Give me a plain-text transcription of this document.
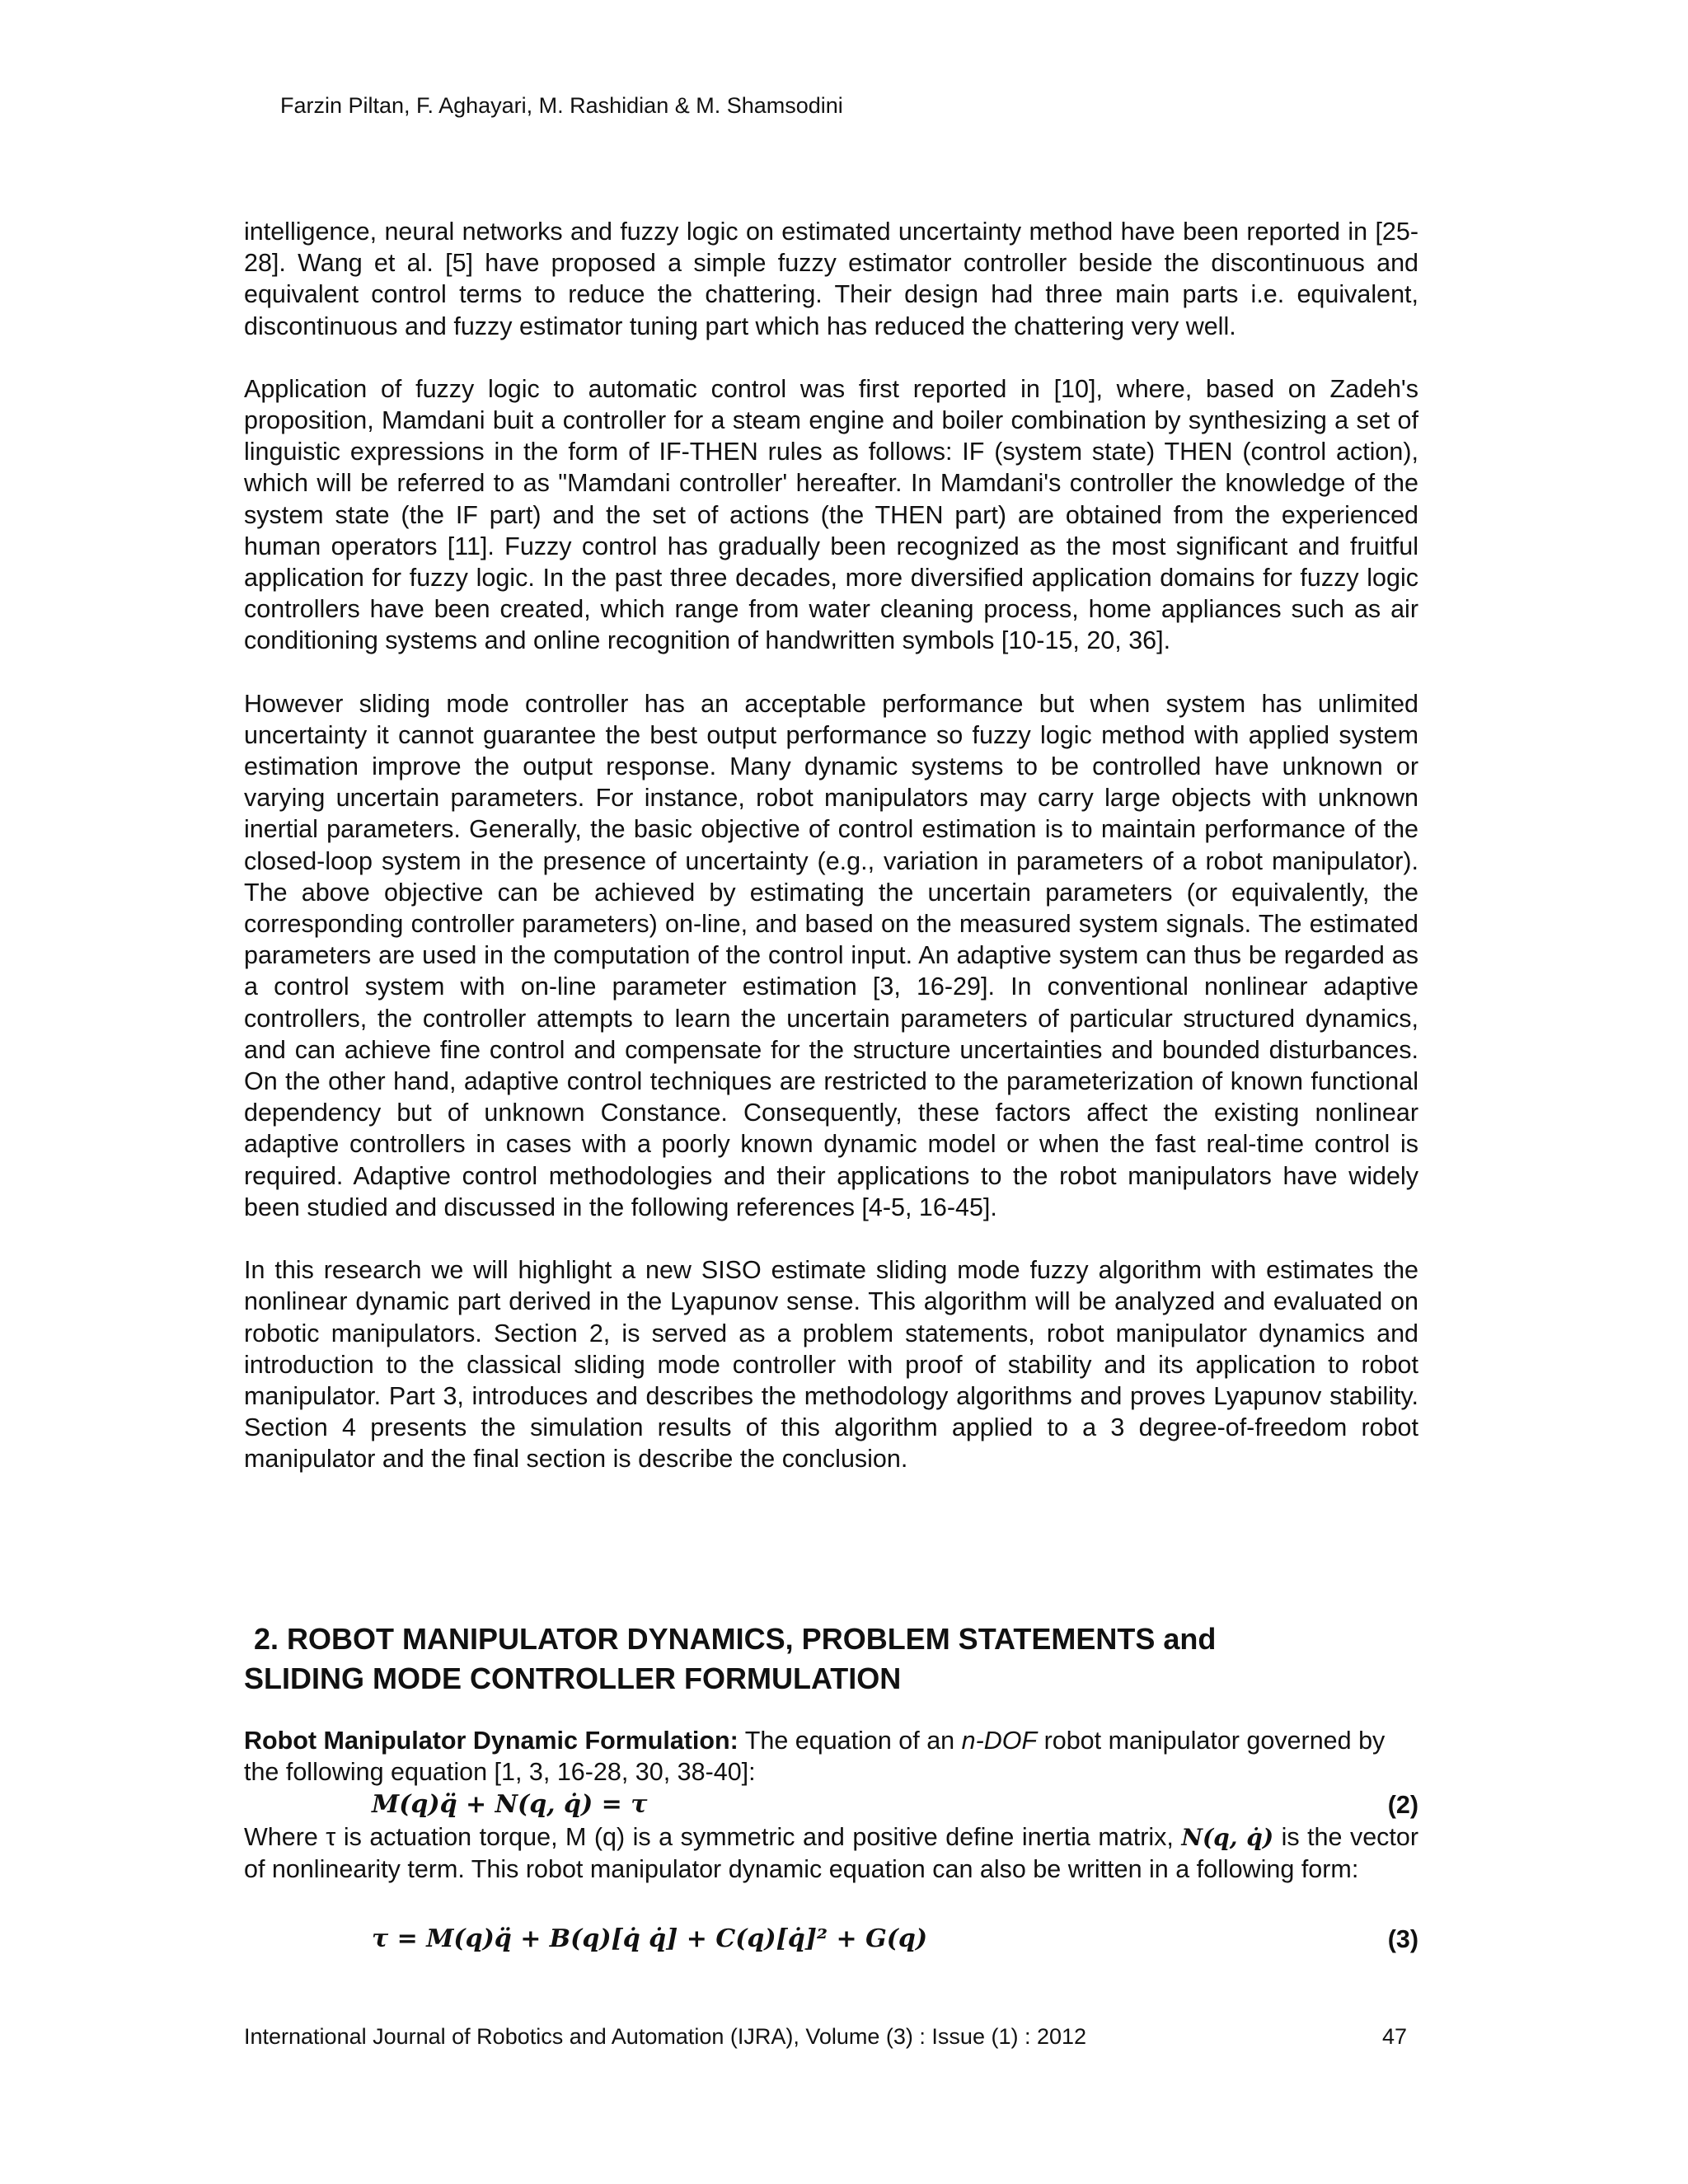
Farzin Piltan, F. Aghayari, M. Rashidian & M. Shamsodini

intelligence, neural networks and fuzzy logic on estimated uncertainty method have been reported in [25-28]. Wang et al. [5] have proposed a simple fuzzy estimator controller beside the discontinuous and equivalent control terms to reduce the chattering. Their design had three main parts i.e. equivalent, discontinuous and fuzzy estimator tuning part which has reduced the chattering very well.

Application of fuzzy logic to automatic control was first reported in [10], where, based on Zadeh's proposition, Mamdani buit a controller for a steam engine and boiler combination by synthesizing a set of linguistic expressions in the form of IF-THEN rules as follows: IF (system state) THEN (control action), which will be referred to as "Mamdani controller' hereafter. In Mamdani's controller the knowledge of the system state (the IF part) and the set of actions (the THEN part) are obtained from the experienced human operators [11]. Fuzzy control has gradually been recognized as the most significant and fruitful application for fuzzy logic. In the past three decades, more diversified application domains for fuzzy logic controllers have been created, which range from water cleaning process, home appliances such as air conditioning systems and online recognition of handwritten symbols [10-15, 20, 36].

However sliding mode controller has an acceptable performance but when system has unlimited uncertainty it cannot guarantee the best output performance so fuzzy logic method with applied system estimation improve the output response. Many dynamic systems to be controlled have unknown or varying uncertain parameters. For instance, robot manipulators may carry large objects with unknown inertial parameters. Generally, the basic objective of control estimation is to maintain performance of the closed-loop system in the presence of uncertainty (e.g., variation in parameters of a robot manipulator). The above objective can be achieved by estimating the uncertain parameters (or equivalently, the corresponding controller parameters) on-line, and based on the measured system signals. The estimated parameters are used in the computation of the control input. An adaptive system can thus be regarded as a control system with on-line parameter estimation [3, 16-29]. In conventional nonlinear adaptive controllers, the controller attempts to learn the uncertain parameters of particular structured dynamics, and can achieve fine control and compensate for the structure uncertainties and bounded disturbances. On the other hand, adaptive control techniques are restricted to the parameterization of known functional dependency but of unknown Constance. Consequently, these factors affect the existing nonlinear adaptive controllers in cases with a poorly known dynamic model or when the fast real-time control is required. Adaptive control methodologies and their applications to the robot manipulators have widely been studied and discussed in the following references [4-5, 16-45].

In this research we will highlight a new SISO estimate sliding mode fuzzy algorithm with estimates the nonlinear dynamic part derived in the Lyapunov sense. This algorithm will be analyzed and evaluated on robotic manipulators. Section 2, is served as a problem statements, robot manipulator dynamics and introduction to the classical sliding mode controller with proof of stability and its application to robot manipulator. Part 3, introduces and describes the methodology algorithms and proves Lyapunov stability. Section 4 presents the simulation results of this algorithm applied to a 3 degree-of-freedom robot manipulator and the final section is describe the conclusion.

2. ROBOT MANIPULATOR DYNAMICS, PROBLEM STATEMENTS and
SLIDING MODE CONTROLLER FORMULATION
Robot Manipulator Dynamic Formulation: The equation of an n-DOF robot manipulator governed by the following equation [1, 3, 16-28, 30, 38-40]:
M(q)q̈ + N(q, q̇) = τ	(2)
Where τ is actuation torque, M (q) is a symmetric and positive define inertia matrix, N(q, q̇) is the vector of nonlinearity term. This robot manipulator dynamic equation can also be written in a following form:
τ = M(q)q̈ + B(q)[q̇ q̇] + C(q)[q̇]² + G(q)	(3)
International Journal of Robotics and Automation (IJRA), Volume (3) : Issue (1) : 2012	47
